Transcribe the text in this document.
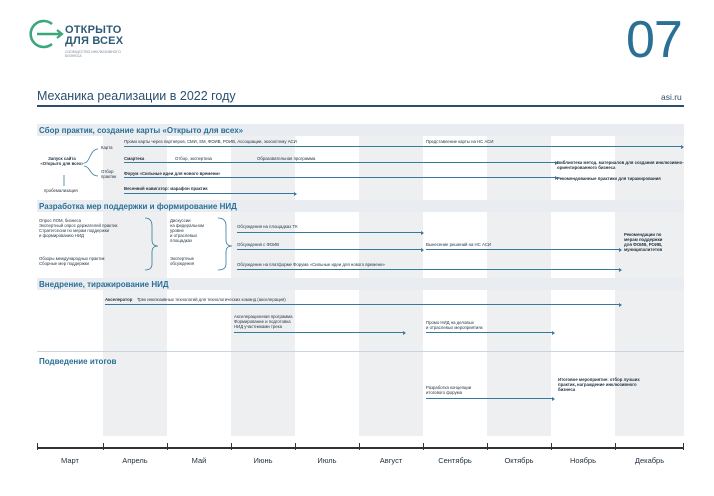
ОТКРЫТО
ДЛЯ ВСЕХ
СООБЩЕСТВО ИНКЛЮЗИВНОГО БИЗНЕСА	07
Механика реализации в 2022 году	asi.ru
Сбор практик, создание карты «Открыто для всех»
Разработка мер поддержки и формирование НИД
Внедрение, тиражирование НИД
Подведение итогов
Запуск сайта «Открыто для всех»
пробемализация
Карта
Промо карты через партнёров, СМИ, SM, ФОИВ, РОИВ, Ассоциации, экосистему АСИ	Представление карты на НС АСИ
Смартека	Отбор, экспертиза	Образовательная программа
Библиотека метод. материалов для создания инклюзивно-ориентированного бизнеса
Отбор практик
Форум «Сильные идеи для нового времени»
Рекомендованные практики для тиражирования
Весенний навигатор: марафон практик
Опрос ЛОМ, бизнеса
Экспертный опрос держателей практик
Стратегсесии по мерам поддержки
и формированию НИД
Обзоры международных практик
Сборные мер поддержки
Дискуссии
на федеральном
уровне
и отраслевых
площадках
Экспертные
обсуждения
Обсуждения на площадках ТК
Обсуждения с ФОИВ	Вынесение решений на НС АСИ
Обсуждение на платформе Форума «Сильные идеи для нового времени»
Рекомендации по
мерам поддержки
для ФОИВ, РОИВ,
муниципалитетов
Акселератор Трек инклюзивных технологий для технологических команд (акселерация)
Акселерационная программа
Формирование и подготовка
НИД участниками трека
Промо НИД на деловых
и отраслевых мероприятиях
Разработка концепции
итогового форума
Итоговое мероприятие: отбор лучших
практик, награждение инклюзивного
бизнеса
Март	Апрель	Май	Июнь	Июль	Август	Сентябрь	Октябрь	Ноябрь	Декабрь
